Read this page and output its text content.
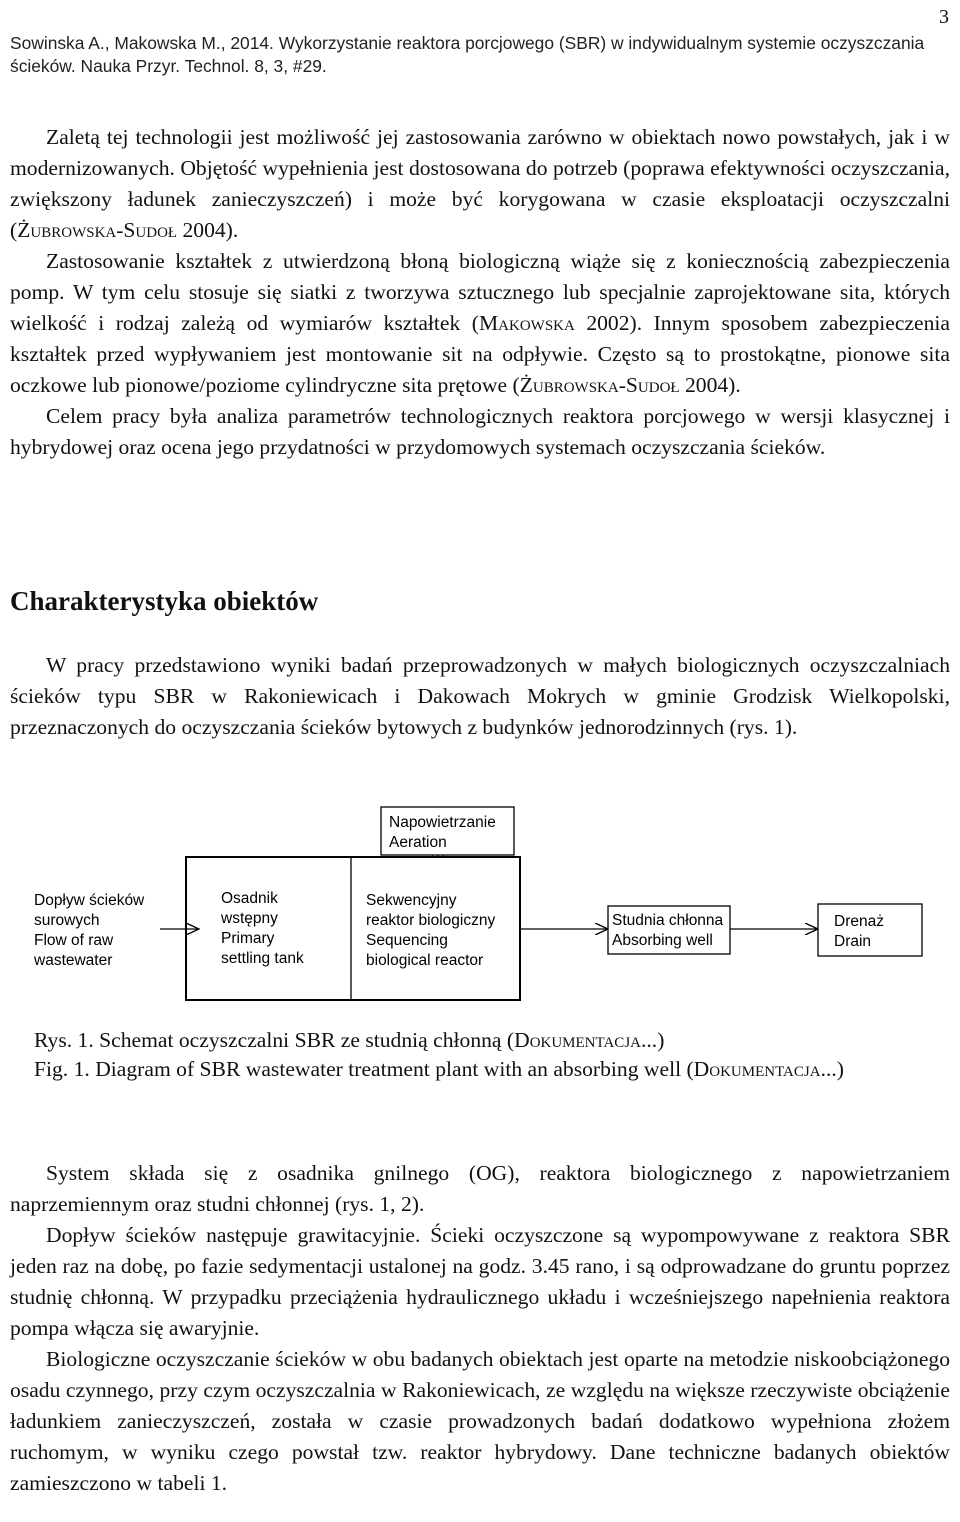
3
Sowinska A., Makowska M., 2014. Wykorzystanie reaktora porcjowego (SBR) w indywidualnym systemie oczyszczania ścieków. Nauka Przyr. Technol. 8, 3, #29.

Zaletą tej technologii jest możliwość jej zastosowania zarówno w obiektach nowo powstałych, jak i w modernizowanych. Objętość wypełnienia jest dostosowana do potrzeb (poprawa efektywności oczyszczania, zwiększony ładunek zanieczyszczeń) i może być korygowana w czasie eksploatacji oczyszczalni (Żubrowska-Sudoł 2004).

Zastosowanie kształtek z utwierdzoną błoną biologiczną wiąże się z koniecznością zabezpieczenia pomp. W tym celu stosuje się siatki z tworzywa sztucznego lub specjalnie zaprojektowane sita, których wielkość i rodzaj zależą od wymiarów kształtek (Makowska 2002). Innym sposobem zabezpieczenia kształtek przed wypływaniem jest montowanie sit na odpływie. Często są to prostokątne, pionowe sita oczkowe lub pionowe/poziome cylindryczne sita prętowe (Żubrowska-Sudoł 2004).

Celem pracy była analiza parametrów technologicznych reaktora porcjowego w wersji klasycznej i hybrydowej oraz ocena jego przydatności w przydomowych systemach oczyszczania ścieków.

Charakterystyka obiektów

W pracy przedstawiono wyniki badań przeprowadzonych w małych biologicznych oczyszczalniach ścieków typu SBR w Rakoniewicach i Dakowach Mokrych w gminie Grodzisk Wielkopolski, przeznaczonych do oczyszczania ścieków bytowych z budynków jednorodzinnych (rys. 1).

Napowietrzanie Aeration
Dopływ ścieków surowych Flow of raw wastewater
Osadnik wstępny Primary settling tank
Sekwencyjny reaktor biologiczny Sequencing biological reactor
Studnia chłonna Absorbing well
Drenaż Drain

Rys. 1. Schemat oczyszczalni SBR ze studnią chłonną (Dokumentacja...)

Fig. 1. Diagram of SBR wastewater treatment plant with an absorbing well (Dokumentacja...)

System składa się z osadnika gnilnego (OG), reaktora biologicznego z napowietrzaniem naprzemiennym oraz studni chłonnej (rys. 1, 2).

Dopływ ścieków następuje grawitacyjnie. Ścieki oczyszczone są wypompowywane z reaktora SBR jeden raz na dobę, po fazie sedymentacji ustalonej na godz. 3.45 rano, i są odprowadzane do gruntu poprzez studnię chłonną. W przypadku przeciążenia hydraulicznego układu i wcześniejszego napełnienia reaktora pompa włącza się awaryjnie.

Biologiczne oczyszczanie ścieków w obu badanych obiektach jest oparte na metodzie niskoobciążonego osadu czynnego, przy czym oczyszczalnia w Rakoniewicach, ze względu na większe rzeczywiste obciążenie ładunkiem zanieczyszczeń, została w czasie prowadzonych badań dodatkowo wypełniona złożem ruchomym, w wyniku czego powstał tzw. reaktor hybrydowy. Dane techniczne badanych obiektów zamieszczono w tabeli 1.
